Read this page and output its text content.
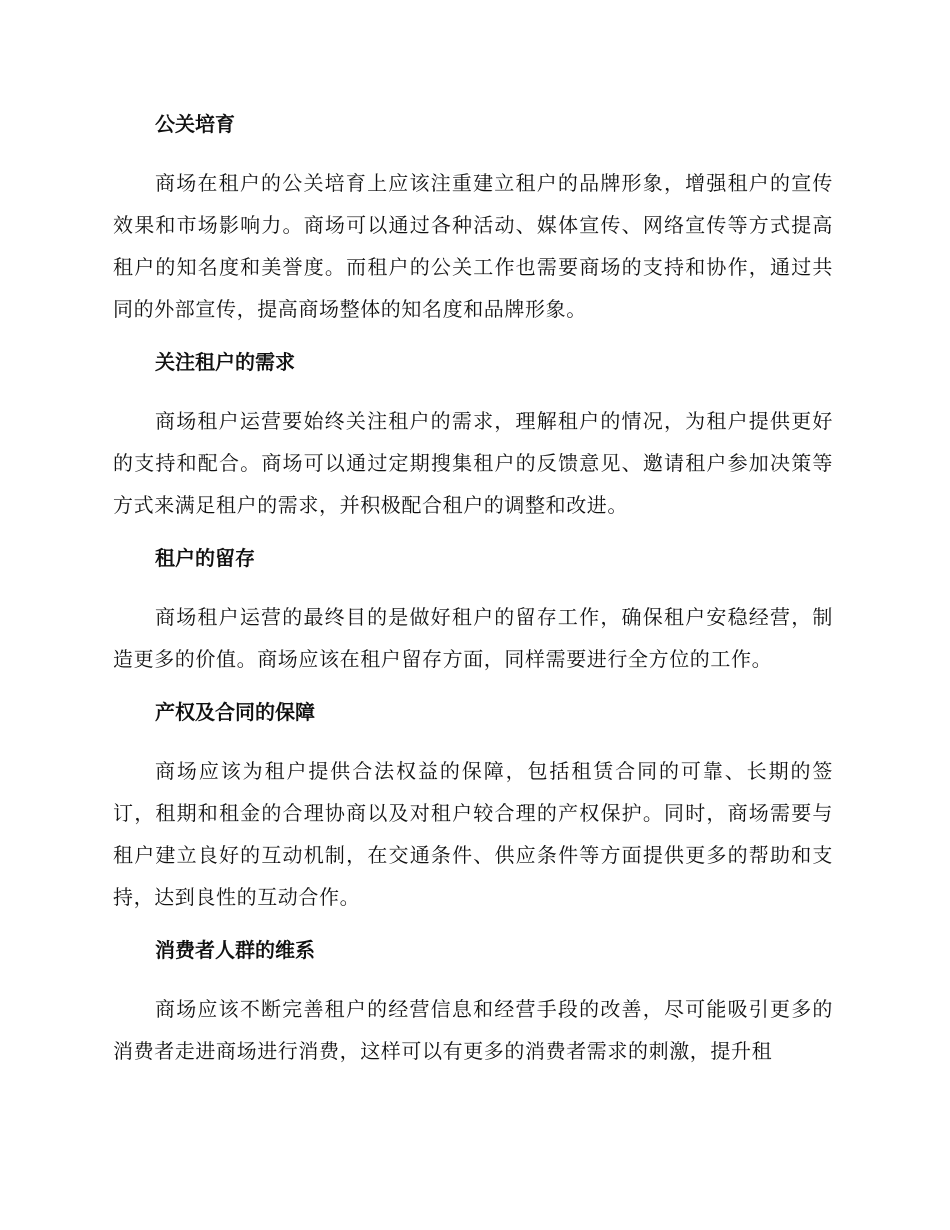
公关培育
商场在租户的公关培育上应该注重建立租户的品牌形象，增强租户的宣传效果和市场影响力。商场可以通过各种活动、媒体宣传、网络宣传等方式提高租户的知名度和美誉度。而租户的公关工作也需要商场的支持和协作，通过共同的外部宣传，提高商场整体的知名度和品牌形象。
关注租户的需求
商场租户运营要始终关注租户的需求，理解租户的情况，为租户提供更好的支持和配合。商场可以通过定期搜集租户的反馈意见、邀请租户参加决策等方式来满足租户的需求，并积极配合租户的调整和改进。
租户的留存
商场租户运营的最终目的是做好租户的留存工作，确保租户安稳经营，制造更多的价值。商场应该在租户留存方面，同样需要进行全方位的工作。
产权及合同的保障
商场应该为租户提供合法权益的保障，包括租赁合同的可靠、长期的签订，租期和租金的合理协商以及对租户较合理的产权保护。同时，商场需要与租户建立良好的互动机制，在交通条件、供应条件等方面提供更多的帮助和支持，达到良性的互动合作。
消费者人群的维系
商场应该不断完善租户的经营信息和经营手段的改善，尽可能吸引更多的消费者走进商场进行消费，这样可以有更多的消费者需求的刺激，提升租
